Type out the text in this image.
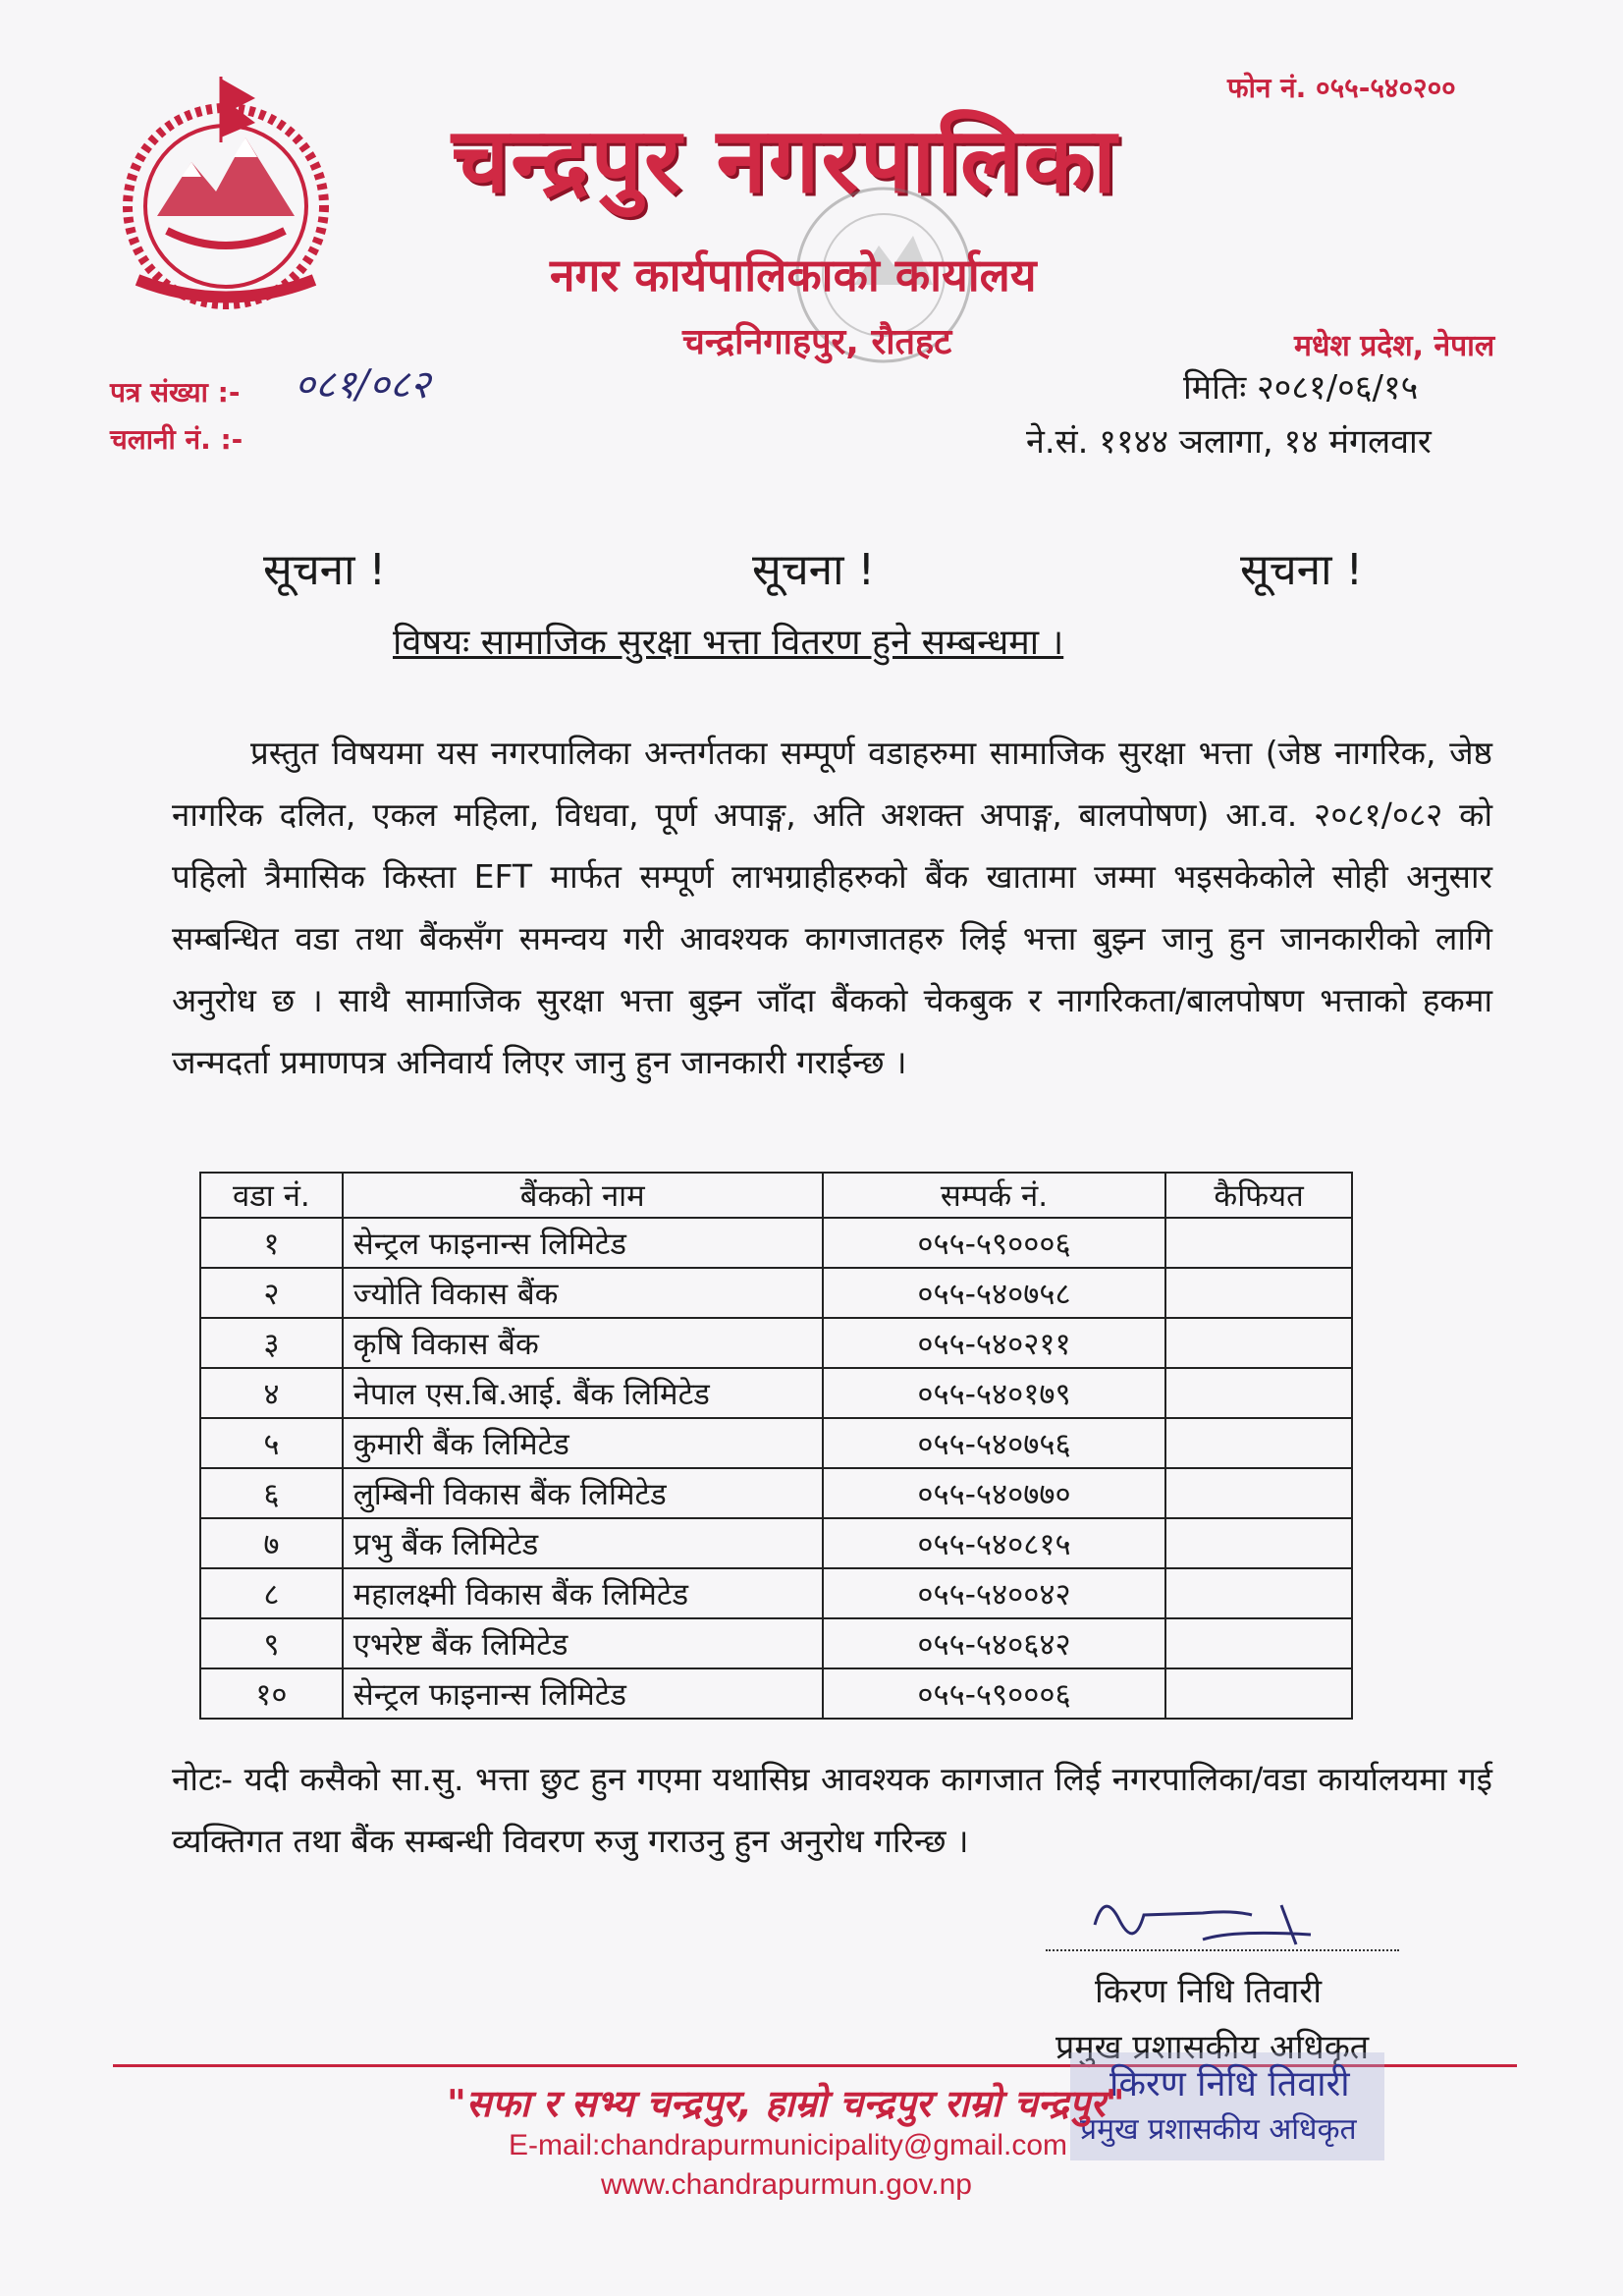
फोन नं. ०५५-५४०२००
चन्द्रपुर नगरपालिका
नगर कार्यपालिकाको कार्यालय
चन्द्रनिगाहपुर, रौतहट	मधेश प्रदेश, नेपाल
पत्र संख्या :- ०८१/०८२
चलानी नं. :-
मितिः २०८१/०६/१५
ने.सं. ११४४ ञलागा, १४ मंगलवार
सूचना !	सूचना !	सूचना !
विषयः सामाजिक सुरक्षा भत्ता वितरण हुने सम्बन्धमा ।
प्रस्तुत विषयमा यस नगरपालिका अन्तर्गतका सम्पूर्ण वडाहरुमा सामाजिक सुरक्षा भत्ता (जेष्ठ नागरिक, जेष्ठ नागरिक दलित, एकल महिला, विधवा, पूर्ण अपाङ्ग, अति अशक्त अपाङ्ग, बालपोषण) आ.व. २०८१/०८२ को पहिलो त्रैमासिक किस्ता EFT मार्फत सम्पूर्ण लाभग्राहीहरुको बैंक खातामा जम्मा भइसकेकोले सोही अनुसार सम्बन्धित वडा तथा बैंकसँग समन्वय गरी आवश्यक कागजातहरु लिई भत्ता बुझ्न जानु हुन जानकारीको लागि अनुरोध छ । साथै सामाजिक सुरक्षा भत्ता बुझ्न जाँदा बैंकको चेकबुक र नागरिकता/बालपोषण भत्ताको हकमा जन्मदर्ता प्रमाणपत्र अनिवार्य लिएर जानु हुन जानकारी गराईन्छ ।
वडा नं.	बैंकको नाम	सम्पर्क नं.	कैफियत
१	सेन्ट्रल फाइनान्स लिमिटेड	०५५-५९०००६	
२	ज्योति विकास बैंक	०५५-५४०७५८	
३	कृषि विकास बैंक	०५५-५४०२११	
४	नेपाल एस.बि.आई. बैंक लिमिटेड	०५५-५४०१७९	
५	कुमारी बैंक लिमिटेड	०५५-५४०७५६	
६	लुम्बिनी विकास बैंक लिमिटेड	०५५-५४०७७०	
७	प्रभु बैंक लिमिटेड	०५५-५४०८१५	
८	महालक्ष्मी विकास बैंक लिमिटेड	०५५-५४००४२	
९	एभरेष्ट बैंक लिमिटेड	०५५-५४०६४२	
१०	सेन्ट्रल फाइनान्स लिमिटेड	०५५-५९०००६	
नोटः- यदी कसैको सा.सु. भत्ता छुट हुन गएमा यथासिघ्र आवश्यक कागजात लिई नगरपालिका/वडा कार्यालयमा गई व्यक्तिगत तथा बैंक सम्बन्धी विवरण रुजु गराउनु हुन अनुरोध गरिन्छ ।
किरण निधि तिवारी
प्रमुख प्रशासकीय अधिकृत
किरण निधि तिवारी
प्रमुख प्रशासकीय अधिकृत
"सफा र सभ्य चन्द्रपुर, हाम्रो चन्द्रपुर राम्रो चन्द्रपुर"
E-mail:chandrapurmunicipality@gmail.com
www.chandrapurmun.gov.np
